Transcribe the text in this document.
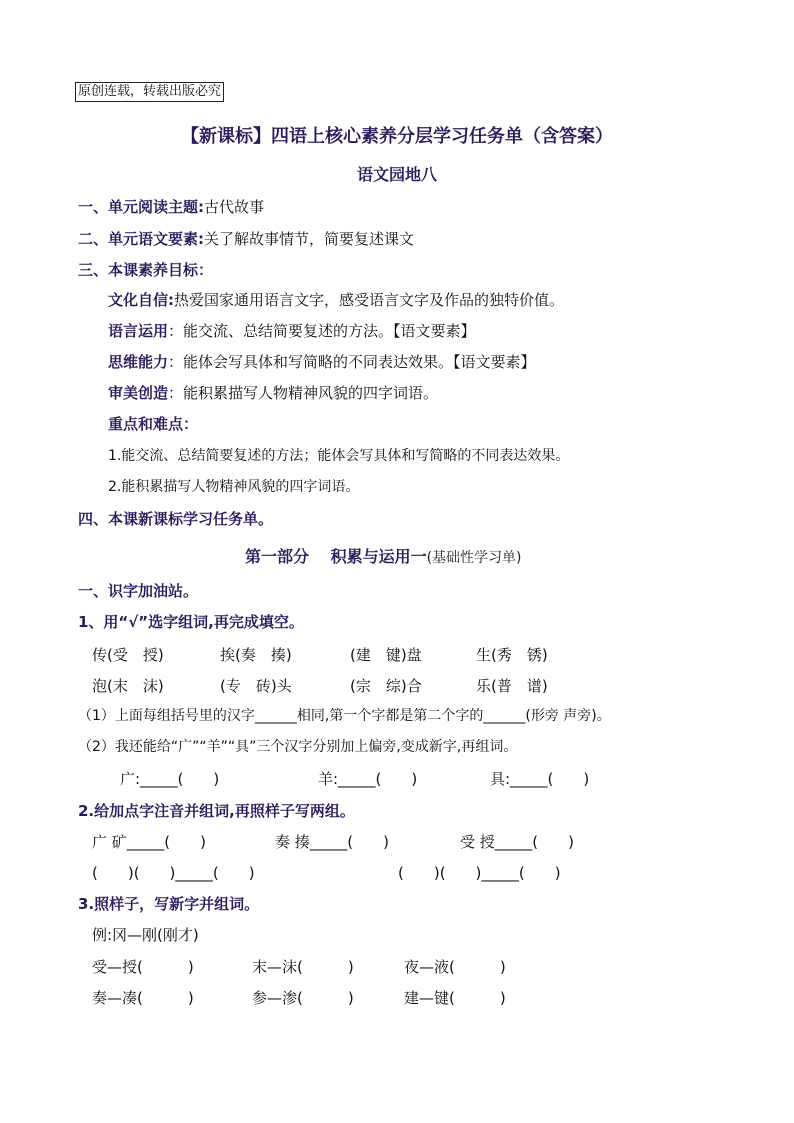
原创连载，转载出版必究
【新课标】四语上核心素养分层学习任务单（含答案）
语文园地八
一、单元阅读主题:古代故事
二、单元语文要素:关了解故事情节，简要复述课文
三、本课素养目标：
文化自信:热爱国家通用语言文字，感受语言文字及作品的独特价值。
语言运用：能交流、总结简要复述的方法。【语文要素】
思维能力：能体会写具体和写简略的不同表达效果。【语文要素】
审美创造：能积累描写人物精神风貌的四字词语。
重点和难点：
1.能交流、总结简要复述的方法；能体会写具体和写简略的不同表达效果。
2.能积累描写人物精神风貌的四字词语。
四、本课新课标学习任务单。
第一部分　 积累与运用一(基础性学习单)
一、识字加油站。
1、用“√”选字组词,再完成填空。
传(受　授)	挨(奏　揍)	(建　键)盘	生(秀　锈)
泡(末　沫)	(专　砖)头	(宗　综)合	乐(普　谱)
（1）上面每组括号里的汉字______相同,第一个字都是第二个字的______(形旁 声旁)。
（2）我还能给“广”“羊”“具”三个汉字分别加上偏旁,变成新字,再组词。
广:_____(　　)	羊:_____(　　)	具:_____(　　)
2.给加点字注音并组词,再照样子写两组。
广 矿_____(　　)	奏 揍_____(　　)	受 授_____(　　)
(　　)(　　)_____(　　)	(　　)(　　)_____(　　)
3.照样子，写新字并组词。
例:冈—刚(刚才)
受—授(　　　)	末—沫(　　　)	夜—液(　　　)
奏—凑(　　　)	参—渗(　　　)	建—键(　　　)
